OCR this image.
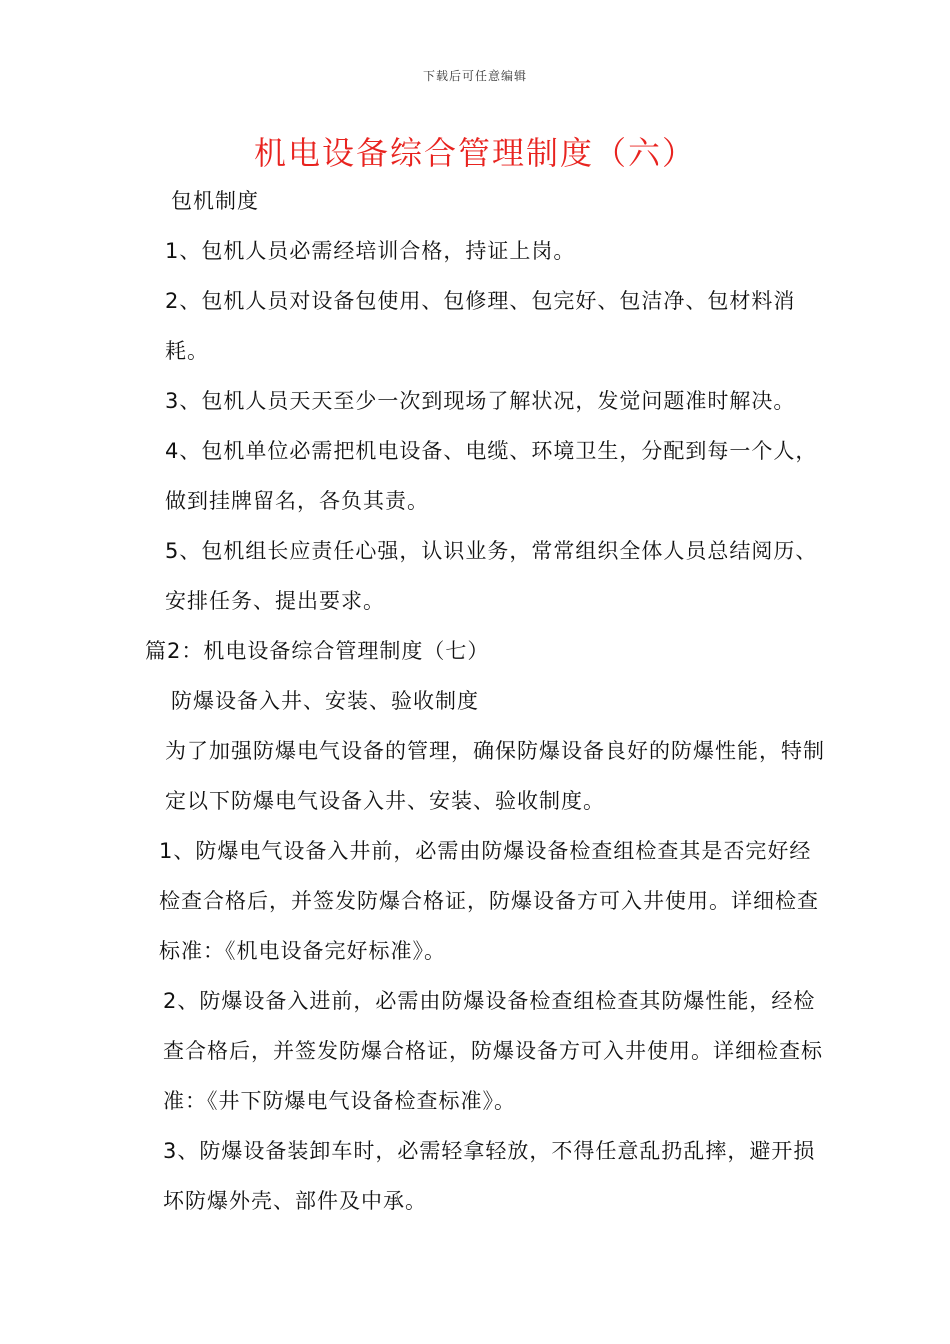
下载后可任意编辑
机电设备综合管理制度（六）

包机制度

1、包机人员必需经培训合格，持证上岗。

2、包机人员对设备包使用、包修理、包完好、包洁净、包材料消耗。

3、包机人员天天至少一次到现场了解状况，发觉问题准时解决。

4、包机单位必需把机电设备、电缆、环境卫生，分配到每一个人，做到挂牌留名，各负其责。

5、包机组长应责任心强，认识业务，常常组织全体人员总结阅历、安排任务、提出要求。

篇2：机电设备综合管理制度（七）

防爆设备入井、安装、验收制度

为了加强防爆电气设备的管理，确保防爆设备良好的防爆性能，特制定以下防爆电气设备入井、安装、验收制度。

1、防爆电气设备入井前，必需由防爆设备检查组检查其是否完好经检查合格后，并签发防爆合格证，防爆设备方可入井使用。详细检查标准：《机电设备完好标准》。

2、防爆设备入进前，必需由防爆设备检查组检查其防爆性能，经检查合格后，并签发防爆合格证，防爆设备方可入井使用。详细检查标准：《井下防爆电气设备检查标准》。

3、防爆设备装卸车时，必需轻拿轻放，不得任意乱扔乱摔，避开损坏防爆外壳、部件及中承。
